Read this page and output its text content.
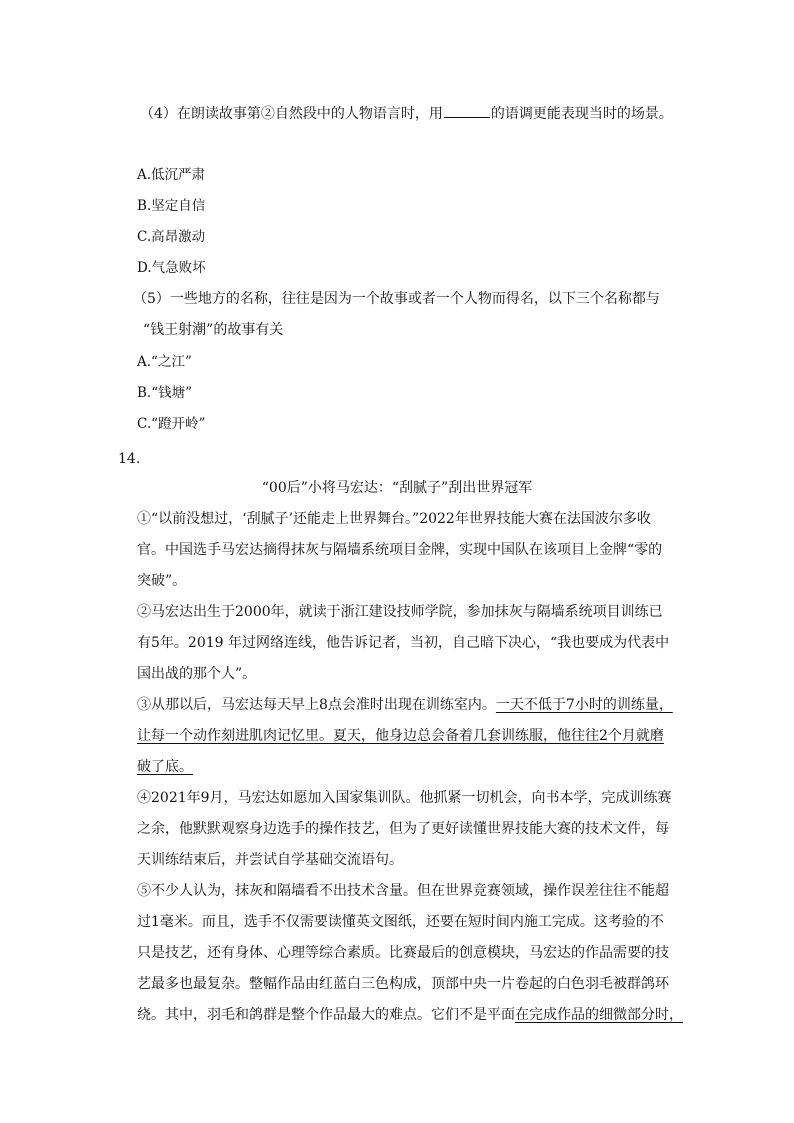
（4）在朗读故事第②自然段中的人物语言时，用	的语调更能表现当时的场景。
A.低沉严肃
B.坚定自信
C.高昂激动
D.气急败坏
（5）一些地方的名称，往往是因为一个故事或者一个人物而得名，以下三个名称都与
“钱王射潮”的故事有关
A.“之江”
B.“钱塘”
C.“蹬开岭”
14.
“00后”小将马宏达：“刮腻子”刮出世界冠军
①“以前没想过，‘刮腻子’还能走上世界舞台。”2022年世界技能大赛在法国波尔多收
官。中国选手马宏达摘得抹灰与隔墙系统项目金牌，实现中国队在该项目上金牌“零的
突破”。
②马宏达出生于2000年，就读于浙江建设技师学院，参加抹灰与隔墙系统项目训练已
有5年。2019 年过网络连线，他告诉记者，当初，自己暗下决心，“我也要成为代表中
国出战的那个人”。
③从那以后，马宏达每天早上8点会准时出现在训练室内。一天不低于7小时的训练量，
让每一个动作刻进肌肉记忆里。夏天，他身边总会备着几套训练服，他往往2个月就磨
破了底。
④2021年9月，马宏达如愿加入国家集训队。他抓紧一切机会，向书本学，完成训练赛
之余，他默默观察身边选手的操作技艺，但为了更好读懂世界技能大赛的技术文件，每
天训练结束后，并尝试自学基础交流语句。
⑤不少人认为，抹灰和隔墙看不出技术含量。但在世界竞赛领域，操作误差往往不能超
过1毫米。而且，选手不仅需要读懂英文图纸，还要在短时间内施工完成。这考验的不
只是技艺，还有身体、心理等综合素质。比赛最后的创意模块，马宏达的作品需要的技
艺最多也最复杂。整幅作品由红蓝白三色构成，顶部中央一片卷起的白色羽毛被群鸽环
绕。其中，羽毛和鸽群是整个作品最大的难点。它们不是平面在完成作品的细微部分时，
